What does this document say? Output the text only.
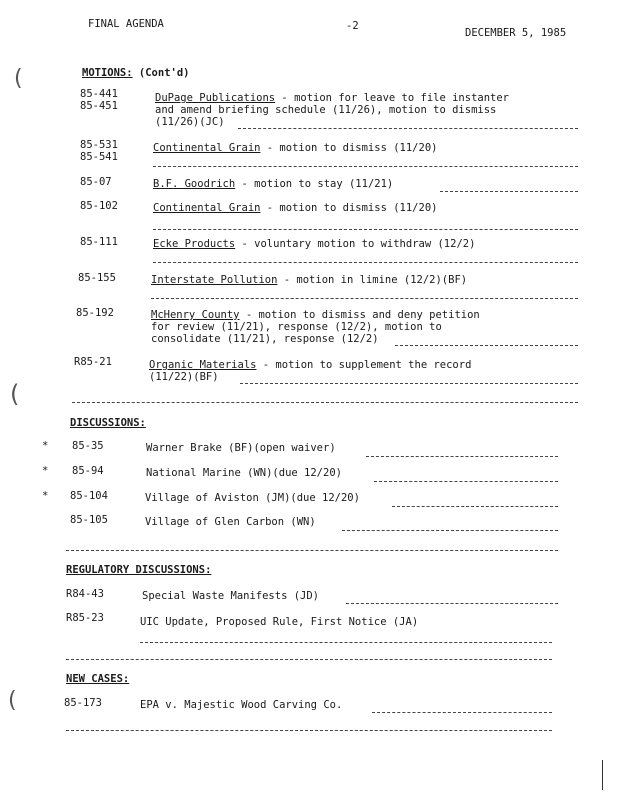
FINAL AGENDA	-2
DECEMBER 5, 1985
(
(
(
MOTIONS: (Cont'd)
85-441
85-451
DuPage Publications - motion for leave to file instanter
and amend briefing schedule (11/26), motion to dismiss
(11/26)(JC)
85-531
85-541
Continental Grain - motion to dismiss (11/20)
85-07	B.F. Goodrich - motion to stay (11/21)
85-102	Continental Grain - motion to dismiss (11/20)
85-111	Ecke Products - voluntary motion to withdraw (12/2)
85-155	Interstate Pollution - motion in limine (12/2)(BF)
85-192	McHenry County - motion to dismiss and deny petition
for review (11/21), response (12/2), motion to
consolidate (11/21), response (12/2)
R85-21	Organic Materials - motion to supplement the record
(11/22)(BF)
DISCUSSIONS:
* 85-35	Warner Brake (BF)(open waiver)
* 85-94	National Marine (WN)(due 12/20)
* 85-104	Village of Aviston (JM)(due 12/20)
85-105	Village of Glen Carbon (WN)
REGULATORY DISCUSSIONS:
R84-43	Special Waste Manifests (JD)
R85-23	UIC Update, Proposed Rule, First Notice (JA)
NEW CASES:
85-173	EPA v. Majestic Wood Carving Co.
